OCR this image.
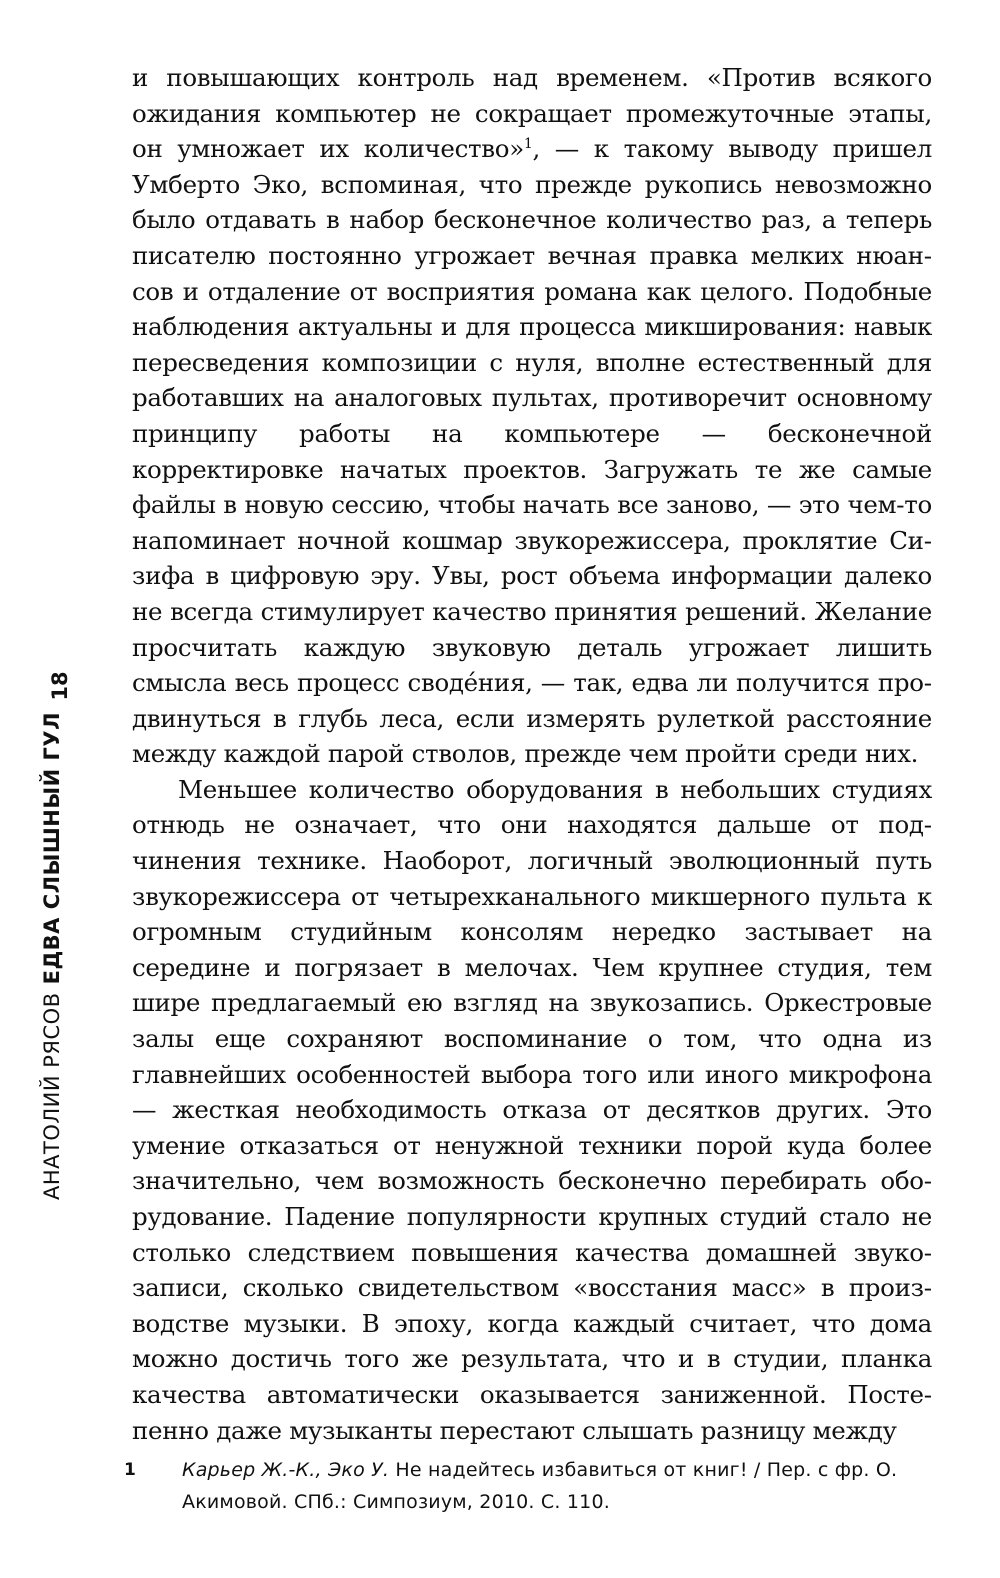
АНАТОЛИЙ РЯСОВЕДВА СЛЫШНЫЙ ГУЛ
18

и повышающих контроль над временем. «Против всякого ожидания компьютер не сокращает промежуточные этапы, он умножает их количество»$^1$, — к такому выводу пришел Умберто Эко, вспоминая, что прежде рукопись невозможно было отдавать в набор бесконечное количество раз, а теперь писателю постоянно угрожает вечная правка мелких нюансов и отдаление от восприятия романа как целого. Подобные наблюдения актуальны и для процесса микширования: навык пересведения композиции с нуля, вполне естественный для работавших на аналоговых пультах, противоречит основному принципу работы на компьютере — бесконечной корректировке начатых проектов. Загружать те же самые файлы в новую сессию, чтобы начать все заново, — это чем-то напоминает ночной кошмар звукорежиссера, проклятие Сизифа в цифровую эру. Увы, рост объема информации далеко не всегда стимулирует качество принятия решений. Желание просчитать каждую звуковую деталь угрожает лишить смысла весь процесс своде́ния, — так, едва ли получится продвинуться в глубь леса, если измерять рулеткой расстояние между каждой парой стволов, прежде чем пройти среди них.

Меньшее количество оборудования в небольших студиях отнюдь не означает, что они находятся дальше от подчинения технике. Наоборот, логичный эволюционный путь звукорежиссера от четырехканального микшерного пульта к огромным студийным консолям нередко застывает на середине и погрязает в мелочах. Чем крупнее студия, тем шире предлагаемый ею взгляд на звукозапись. Оркестровые залы еще сохраняют воспоминание о том, что одна из главнейших особенностей выбора того или иного микрофона — жесткая необходимость отказа от десятков других. Это умение отказаться от ненужной техники порой куда более значительно, чем возможность бесконечно перебирать оборудование. Падение популярности крупных студий стало не столько следствием повышения качества домашней звукозаписи, сколько свидетельством «восстания масс» в производстве музыки. В эпоху, когда каждый считает, что дома можно достичь того же результата, что и в студии, планка качества автоматически оказывается заниженной. Постепенно даже музыканты перестают слышать разницу между

1	Карьер Ж.-К., Эко У. Не надейтесь избавиться от книг! / Пер. с фр. О. Акимовой. СПб.: Симпозиум, 2010. С. 110.
